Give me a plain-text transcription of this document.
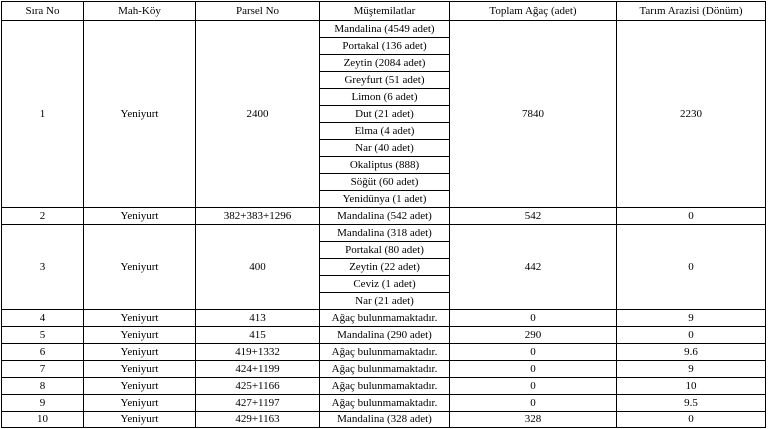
Sıra No	Mah-Köy	Parsel No	Müştemilatlar	Toplam Ağaç (adet)	Tarım Arazisi (Dönüm)
1	Yeniyurt	2400	Mandalina (4549 adet)	7840	2230
			Portakal (136 adet)		
			Zeytin (2084 adet)		
			Greyfurt (51 adet)		
			Limon (6 adet)		
			Dut (21 adet)		
			Elma (4 adet)		
			Nar (40 adet)		
			Okaliptus (888)		
			Söğüt (60 adet)		
			Yenidünya (1 adet)		
2	Yeniyurt	382+383+1296	Mandalina (542 adet)	542	0
3	Yeniyurt	400	Mandalina (318 adet)	442	0
			Portakal (80 adet)		
			Zeytin (22 adet)		
			Ceviz (1 adet)		
			Nar (21 adet)		
4	Yeniyurt	413	Ağaç bulunmamaktadır.	0	9
5	Yeniyurt	415	Mandalina (290 adet)	290	0
6	Yeniyurt	419+1332	Ağaç bulunmamaktadır.	0	9.6
7	Yeniyurt	424+1199	Ağaç bulunmamaktadır.	0	9
8	Yeniyurt	425+1166	Ağaç bulunmamaktadır.	0	10
9	Yeniyurt	427+1197	Ağaç bulunmamaktadır.	0	9.5
10	Yeniyurt	429+1163	Mandalina (328 adet)	328	0
